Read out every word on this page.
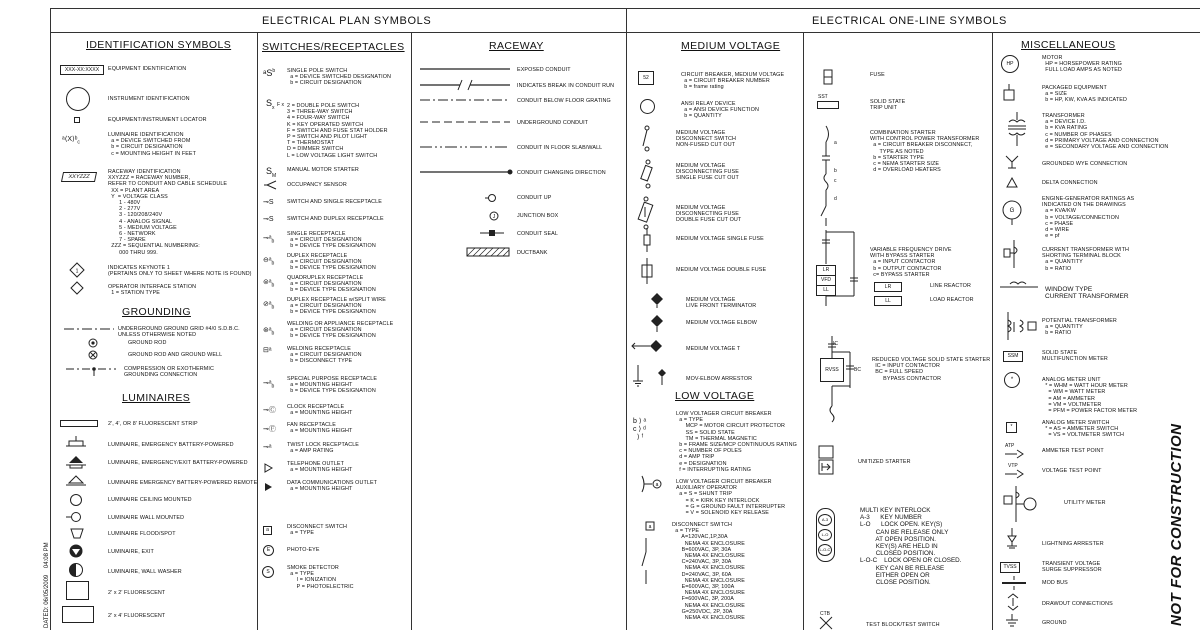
ELECTRICAL PLAN SYMBOLS	ELECTRICAL ONE-LINE SYMBOLS
DATED: 06/05/2009    04:08 PM	NOT FOR CONSTRUCTION
IDENTIFICATION SYMBOLS
XXX-XX:XXXX	EQUIPMENT IDENTIFICATION
INSTRUMENT IDENTIFICATION
EQUIPMENT/INSTRUMENT LOCATOR
ᵃ⟨X⟩ᵇ$_c$
LUMINAIRE IDENTIFICATION
a = DEVICE SWITCHED FROM
b = CIRCUIT DESIGNATION
c = MOUNTING HEIGHT IN FEET
XXYZZZ
RACEWAY IDENTIFICATION
XXYZZZ = RACEWAY NUMBER,
REFER TO CONDUIT AND CABLE SCHEDULE
XX = PLANT AREA
Y  = VOLTAGE CLASS
1 - 480V
2 - 277V
3 - 120/208/240V
4 - ANALOG SIGNAL
5 - MEDIUM VOLTAGE
6 - NETWORK
7 - SPARE
ZZZ = SEQUENTIAL NUMBERING:
000 THRU 999.
1
INDICATES KEYNOTE 1
(PERTAINS ONLY TO SHEET WHERE NOTE IS FOUND)
OPERATOR INTERFACE STATION
1 = STATION TYPE
GROUNDING
UNDERGROUND GROUND GRID #4/0 S.D.B.C.
UNLESS OTHERWISE NOTED
GROUND ROD
GROUND ROD AND GROUND WELL
COMPRESSION OR EXOTHERMIC
GROUNDING CONNECTION
LUMINAIRES
2', 4', OR 8' FLUORESCENT STRIP
LUMINAIRE, EMERGENCY BATTERY-POWERED
LUMINAIRE, EMERGENCY/EXIT BATTERY-POWERED
LUMINAIRE EMERGENCY BATTERY-POWERED REMOTE
LUMINAIRE CEILING MOUNTED
LUMINAIRE WALL MOUNTED
LUMINAIRE FLOOD/SPOT
LUMINAIRE, EXIT
LUMINAIRE, WALL WASHER
2' x 2' FLUORESCENT
2' x 4' FLUORESCENT
SWITCHES/RECEPTACLES
ᵃS$^b$ SINGLE POLE SWITCH
a = DEVICE SWITCHED DESIGNATION
b = CIRCUIT DESIGNATION
$S_x$ F x 2 = DOUBLE POLE SWITCH
3 = THREE-WAY SWITCH
4 = FOUR-WAY SWITCH
K = KEY OPERATED SWITCH
F = SWITCH AND FUSE STAT HOLDER
P = SWITCH AND PILOT LIGHT
T = THERMOSTAT
D = DIMMER SWITCH
L = LOW VOLTAGE LIGHT SWITCH
$S_M$
MANUAL MOTOR STARTER
OCCUPANCY SENSOR
⊸S SWITCH AND SINGLE RECEPTACLE
⊸S SWITCH AND DUPLEX RECEPTACLE
⊸ᵃ$_b$
SINGLE RECEPTACLE
a = CIRCUIT DESIGNATION
b = DEVICE TYPE DESIGNATION
⊖ᵃ$_b$
DUPLEX RECEPTACLE
a = CIRCUIT DESIGNATION
b = DEVICE TYPE DESIGNATION
⊜ᵃ$_b$
QUADRUPLEX RECEPTACLE
a = CIRCUIT DESIGNATION
b = DEVICE TYPE DESIGNATION
⊘ᵃ$_b$
DUPLEX RECEPTACLE w/SPLIT WIRE
a = CIRCUIT DESIGNATION
b = DEVICE TYPE DESIGNATION
⊛ᵃ$_b$
WELDING OR APPLIANCE RECEPTACLE
a = CIRCUIT DESIGNATION
b = DEVICE TYPE DESIGNATION
⊟ᵃ	WELDING RECEPTACLE
a = CIRCUIT DESIGNATION
b = DISCONNECT TYPE
⊸ᵃ$_b$
SPECIAL PURPOSE RECEPTACLE
a = MOUNTING HEIGHT
b = DEVICE TYPE DESIGNATION
⊸Ⓒ CLOCK RECEPTACLE
a = MOUNTING HEIGHT
⊸Ⓕ
FAN RECEPTACLE
a = MOUNTING HEIGHT
⊸ᵃ	TWIST LOCK RECEPTACLE
a = AMP RATING
TELEPHONE OUTLET
a = MOUNTING HEIGHT
DATA COMMUNICATIONS OUTLET
a = MOUNTING HEIGHT
a	DISCONNECT SWITCH
a = TYPE
E	PHOTO-EYE
S
SMOKE DETECTOR
a = TYPE
I = IONIZATION
P = PHOTOELECTRIC
RACEWAY
EXPOSED CONDUIT
INDICATES BREAK IN CONDUIT RUN
CONDUIT BELOW FLOOR GRATING
UNDERGROUND CONDUIT
CONDUIT IN FLOOR SLAB/WALL
CONDUIT CHANGING DIRECTION
CONDUIT UP
J	JUNCTION BOX
CONDUIT SEAL
DUCTBANK
MEDIUM VOLTAGE
52	CIRCUIT BREAKER, MEDIUM VOLTAGE
a = CIRCUIT BREAKER NUMBER
b = frame rating
ANSI RELAY DEVICE
a = ANSI DEVICE FUNCTION
b = QUANTITY
MEDIUM VOLTAGE
DISCONNECT SWITCH
NON-FUSED CUT OUT
MEDIUM VOLTAGE
DISCONNECTING FUSE
SINGLE FUSE CUT OUT
MEDIUM VOLTAGE
DISCONNECTING FUSE
DOUBLE FUSE CUT OUT
MEDIUM VOLTAGE SINGLE FUSE
MEDIUM VOLTAGE DOUBLE FUSE
MEDIUM VOLTAGE
LIVE FRONT TERMINATOR
MEDIUM VOLTAGE ELBOW
MEDIUM VOLTAGE T
MOV-ELBOW ARRESTOR
LOW VOLTAGE
b ⟩ ᵃ
c ⟩ ᵈ
⟩ ᶠ
LOW VOLTAGER CIRCUIT BREAKER
a = TYPE
MCP = MOTOR CIRCUIT PROTECTOR
SS = SOLID STATE
TM = THERMAL MAGNETIC
b = FRAME SIZE/MCP CONTINUOUS RATING
c = NUMBER OF POLES
d = AMP TRIP
e = DESIGNATION
f = INTERRUPTING RATING
a	LOW VOLTAGER CIRCUIT BREAKER
AUXILIARY OPERATOR
a = S = SHUNT TRIP
= K = KIRK KEY INTERLOCK
= G = GROUND FAULT INTERRUPTER
= V = SOLENOID KEY RELEASE
a	DISCONNECT SWITCH
a = TYPE
A=120VAC,1P,30A
NEMA 4X ENCLOSURE
B=600VAC, 3P, 30A
NEMA 4X ENCLOSURE
C=240VAC, 3P, 30A
NEMA 4X ENCLOSURE
D=240VAC, 3P, 60A
NEMA 4X ENCLOSURE
E=600VAC, 3P, 100A
NEMA 4X ENCLOSURE
F=600VAC, 3P, 200A
NEMA 4X ENCLOSURE
G=250VDC, 2P, 30A
NEMA 4X ENCLOSURE
FUSE
SST
SOLID STATE
TRIP UNIT
a
b
c
d
COMBINATION STARTER
WITH CONTROL POWER TRANSFORMER
a = CIRCUIT BREAKER DISCONNECT,
TYPE AS NOTED
b = STARTER TYPE
c = NEMA STARTER SIZE
d = OVERLOAD HEATERS
LR
VFD
LL
VARIABLE FREQUENCY DRIVE
WITH BYPASS STARTER
a = INPUT CONTACTOR
b = OUTPUT CONTACTOR
c= BYPASS STARTER
LR	LINE REACTOR
LL	LOAD REACTOR
IC
RVSS	BC
REDUCED VOLTAGE SOLID STATE STARTER
IC = INPUT CONTACTOR
BC = FULL SPEED
BYPASS CONTACTOR
UNITIZED STARTER
A-3
L-O
L-O-C
MULTI KEY INTERLOCK
A-3      KEY NUMBER
L-O      LOCK OPEN. KEY(S)
CAN BE RELEASE ONLY
AT OPEN POSITION.
KEY(S) ARE HELD IN
CLOSED POSITION.
L-O-C    LOCK OPEN OR CLOSED.
KEY CAN BE RELEASE
EITHER OPEN OR
CLOSE POSITION.
CTB
TEST BLOCK/TEST SWITCH
MISCELLANEOUS
HP
MOTOR
HP = HORSEPOWER RATING
FULL LOAD AMPS AS NOTED
PACKAGED EQUIPMENT
a = SIZE
b = HP, KW, KVA AS INDICATED
TRANSFORMER
a = DEVICE I.D.
b = KVA RATING
c = NUMBER OF PHASES
d = PRIMARY VOLTAGE AND CONNECTION
e = SECONDARY VOLTAGE AND CONNECTION
GROUNDED WYE CONNECTION
DELTA CONNECTION
G
ENGINE-GENERATOR RATINGS AS
INDICATED ON THE DRAWINGS
a = KVA/KW
b = VOLTAGE/CONNECTION
c = PHASE
d = WIRE
e = pf
CURRENT TRANSFORMER WITH
SHORTING TERMINAL BLOCK
a = QUANTITY
b = RATIO
WINDOW TYPE
CURRENT TRANSFORMER
POTENTIAL TRANSFORMER
a = QUANTITY
b = RATIO
SSM	SOLID STATE
MULTIFUNCTION METER
*	ANALOG METER UNIT
* = WHM = WATT HOUR METER
= WM = WATT METER
= AM = AMMETER
= VM = VOLTMETER
= PFM = POWER FACTOR METER
*
ANALOG METER SWITCH
* = AS = AMMETER SWITCH
= VS = VOLTMETER SWITCH
ATP
AMMETER TEST POINT
VTP
VOLTAGE TEST POINT
UTILITY METER
LIGHTNING ARRESTER
TVSS	TRANSIENT VOLTAGE
SURGE SUPPRESSOR
MOD BUS
DRAWOUT CONNECTIONS
GROUND
